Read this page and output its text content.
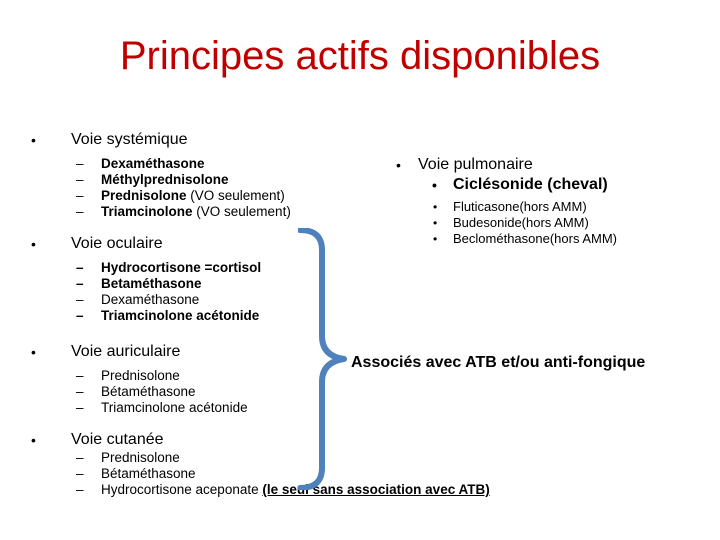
Principes actifs disponibles
• Voie systémique
– Dexaméthasone
– Méthylprednisolone
– Prednisolone (VO seulement)
– Triamcinolone (VO seulement)
• Voie oculaire
– Hydrocortisone =cortisol
– Betaméthasone
– Dexaméthasone
– Triamcinolone acétonide
• Voie auriculaire
– Prednisolone
– Bétaméthasone
– Triamcinolone acétonide
• Voie cutanée
– Prednisolone
– Bétaméthasone
– Hydrocortisone aceponate (le seul sans association avec ATB)
• Voie pulmonaire
• Ciclésonide (cheval)
• Fluticasone(hors AMM)
• Budesonide(hors AMM)
• Beclométhasone(hors AMM)
Associés avec ATB et/ou anti-fongique
